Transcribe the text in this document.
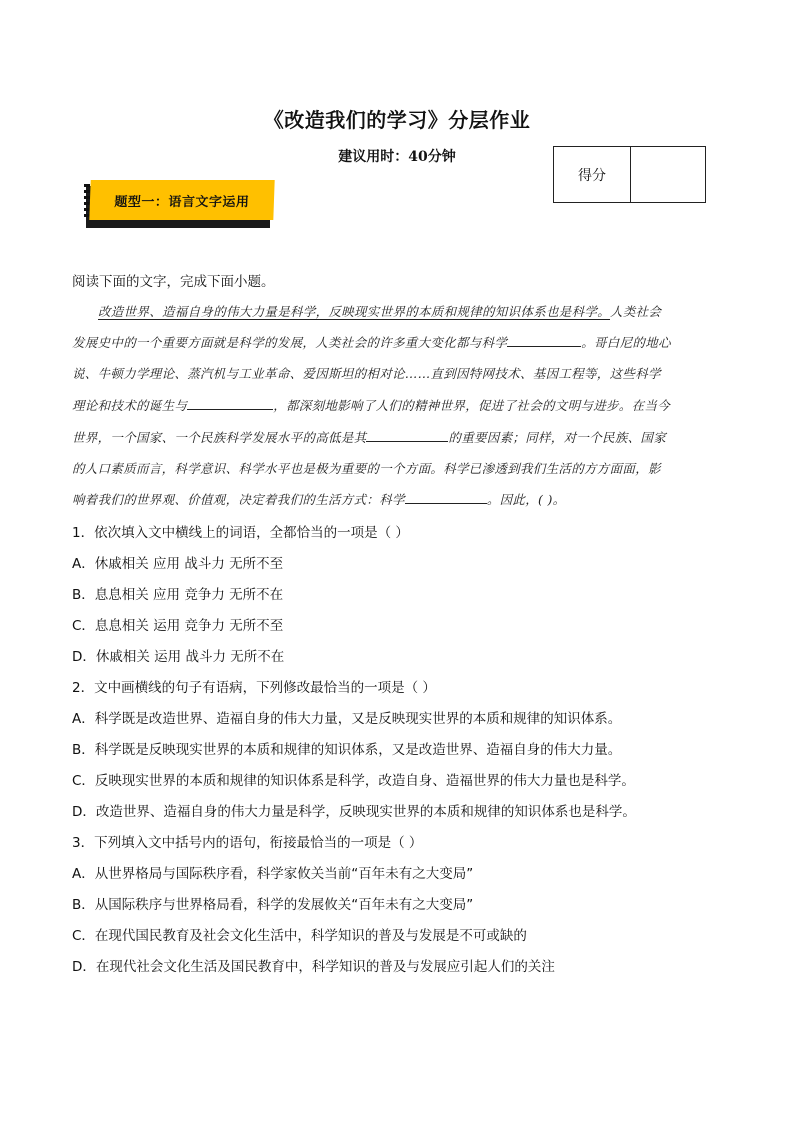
《改造我们的学习》分层作业
建议用时：40分钟
得分
题型一：语言文字运用
阅读下面的文字，完成下面小题。
改造世界、造福自身的伟大力量是科学，反映现实世界的本质和规律的知识体系也是科学。人类社会
发展史中的一个重要方面就是科学的发展，人类社会的许多重大变化都与科学	。哥白尼的地心
说、牛顿力学理论、蒸汽机与工业革命、爱因斯坦的相对论……直到因特网技术、基因工程等，这些科学
理论和技术的诞生与	，都深刻地影响了人们的精神世界，促进了社会的文明与进步。在当今
世界，一个国家、一个民族科学发展水平的高低是其	的重要因素；同样，对一个民族、国家
的人口素质而言，科学意识、科学水平也是极为重要的一个方面。科学已渗透到我们生活的方方面面，影
响着我们的世界观、价值观，决定着我们的生活方式：科学	。因此，( )。
1．依次填入文中横线上的词语，全都恰当的一项是（ ）
A．休戚相关 应用 战斗力 无所不至
B．息息相关 应用 竞争力 无所不在
C．息息相关 运用 竞争力 无所不至
D．休戚相关 运用 战斗力 无所不在
2．文中画横线的句子有语病，下列修改最恰当的一项是（ ）
A．科学既是改造世界、造福自身的伟大力量，又是反映现实世界的本质和规律的知识体系。
B．科学既是反映现实世界的本质和规律的知识体系，又是改造世界、造福自身的伟大力量。
C．反映现实世界的本质和规律的知识体系是科学，改造自身、造福世界的伟大力量也是科学。
D．改造世界、造福自身的伟大力量是科学，反映现实世界的本质和规律的知识体系也是科学。
3．下列填入文中括号内的语句，衔接最恰当的一项是（ ）
A．从世界格局与国际秩序看，科学家攸关当前“百年未有之大变局”
B．从国际秩序与世界格局看，科学的发展攸关“百年未有之大变局”
C．在现代国民教育及社会文化生活中，科学知识的普及与发展是不可或缺的
D．在现代社会文化生活及国民教育中，科学知识的普及与发展应引起人们的关注
